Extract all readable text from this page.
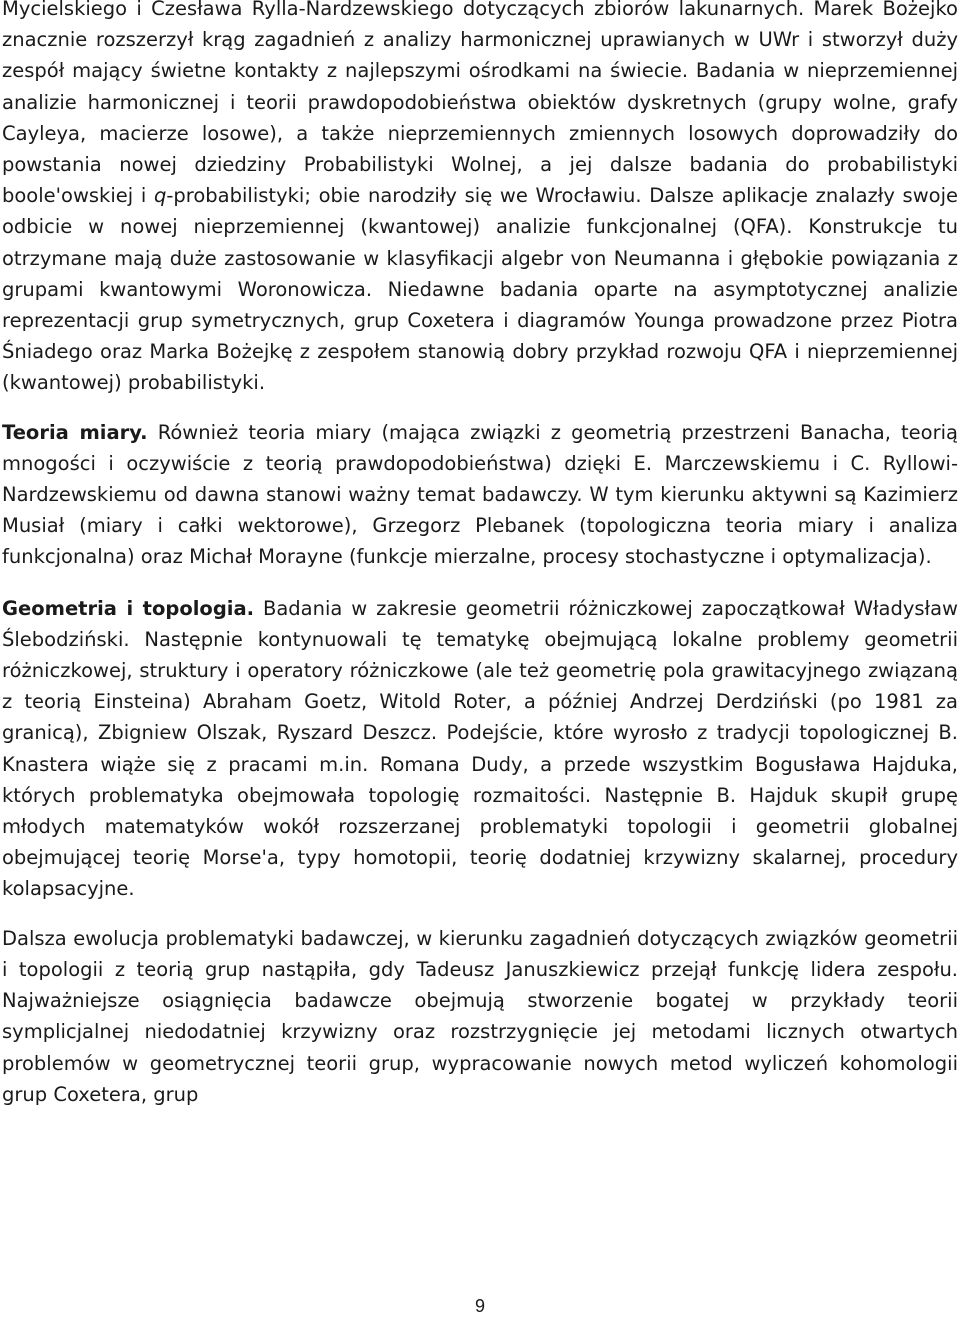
Mycielskiego i Czesława Rylla-Nardzewskiego dotyczących zbiorów lakunarnych. Marek Bożejko znacznie rozszerzył krąg zagadnień z analizy harmonicznej uprawianych w UWr i stworzył duży zespół mający świetne kontakty z najlepszymi ośrodkami na świecie. Badania w nieprzemiennej analizie harmonicznej i teorii prawdopodobieństwa obiektów dyskretnych (grupy wolne, grafy Cayleya, macierze losowe), a także nieprzemiennych zmiennych losowych doprowadziły do powstania nowej dziedziny Probabilistyki Wolnej, a jej dalsze badania do probabilistyki boole'owskiej i q-probabilistyki; obie narodziły się we Wrocławiu. Dalsze aplikacje znalazły swoje odbicie w nowej nieprzemiennej (kwantowej) analizie funkcjonalnej (QFA). Konstrukcje tu otrzymane mają duże zastosowanie w klasyfikacji algebr von Neumanna i głębokie powiązania z grupami kwantowymi Woronowicza. Niedawne badania oparte na asymptotycznej analizie reprezentacji grup symetrycznych, grup Coxetera i diagramów Younga prowadzone przez Piotra Śniadego oraz Marka Bożejkę z zespołem stanowią dobry przykład rozwoju QFA i nieprzemiennej (kwantowej) probabilistyki.

Teoria miary. Również teoria miary (mająca związki z geometrią przestrzeni Banacha, teorią mnogości i oczywiście z teorią prawdopodobieństwa) dzięki E. Marczewskiemu i C. Ryllowi-Nardzewskiemu od dawna stanowi ważny temat badawczy. W tym kierunku aktywni są Kazimierz Musiał (miary i całki wektorowe), Grzegorz Plebanek (topologiczna teoria miary i analiza funkcjonalna) oraz Michał Morayne (funkcje mierzalne, procesy stochastyczne i optymalizacja).

Geometria i topologia. Badania w zakresie geometrii różniczkowej zapoczątkował Władysław Ślebodziński. Następnie kontynuowali tę tematykę obejmującą lokalne problemy geometrii różniczkowej, struktury i operatory różniczkowe (ale też geometrię pola grawitacyjnego związaną z teorią Einsteina) Abraham Goetz, Witold Roter, a później Andrzej Derdziński (po 1981 za granicą), Zbigniew Olszak, Ryszard Deszcz. Podejście, które wyrosło z tradycji topologicznej B. Knastera wiąże się z pracami m.in. Romana Dudy, a przede wszystkim Bogusława Hajduka, których problematyka obejmowała topologię rozmaitości. Następnie B. Hajduk skupił grupę młodych matematyków wokół rozszerzanej problematyki topologii i geometrii globalnej obejmującej teorię Morse'a, typy homotopii, teorię dodatniej krzywizny skalarnej, procedury kolapsacyjne.

Dalsza ewolucja problematyki badawczej, w kierunku zagadnień dotyczących związków geometrii i topologii z teorią grup nastąpiła, gdy Tadeusz Januszkiewicz przejął funkcję lidera zespołu. Najważniejsze osiągnięcia badawcze obejmują stworzenie bogatej w przykłady teorii symplicjalnej niedodatniej krzywizny oraz rozstrzygnięcie jej metodami licznych otwartych problemów w geometrycznej teorii grup, wypracowanie nowych metod wyliczeń kohomologii grup Coxetera, grup

9
